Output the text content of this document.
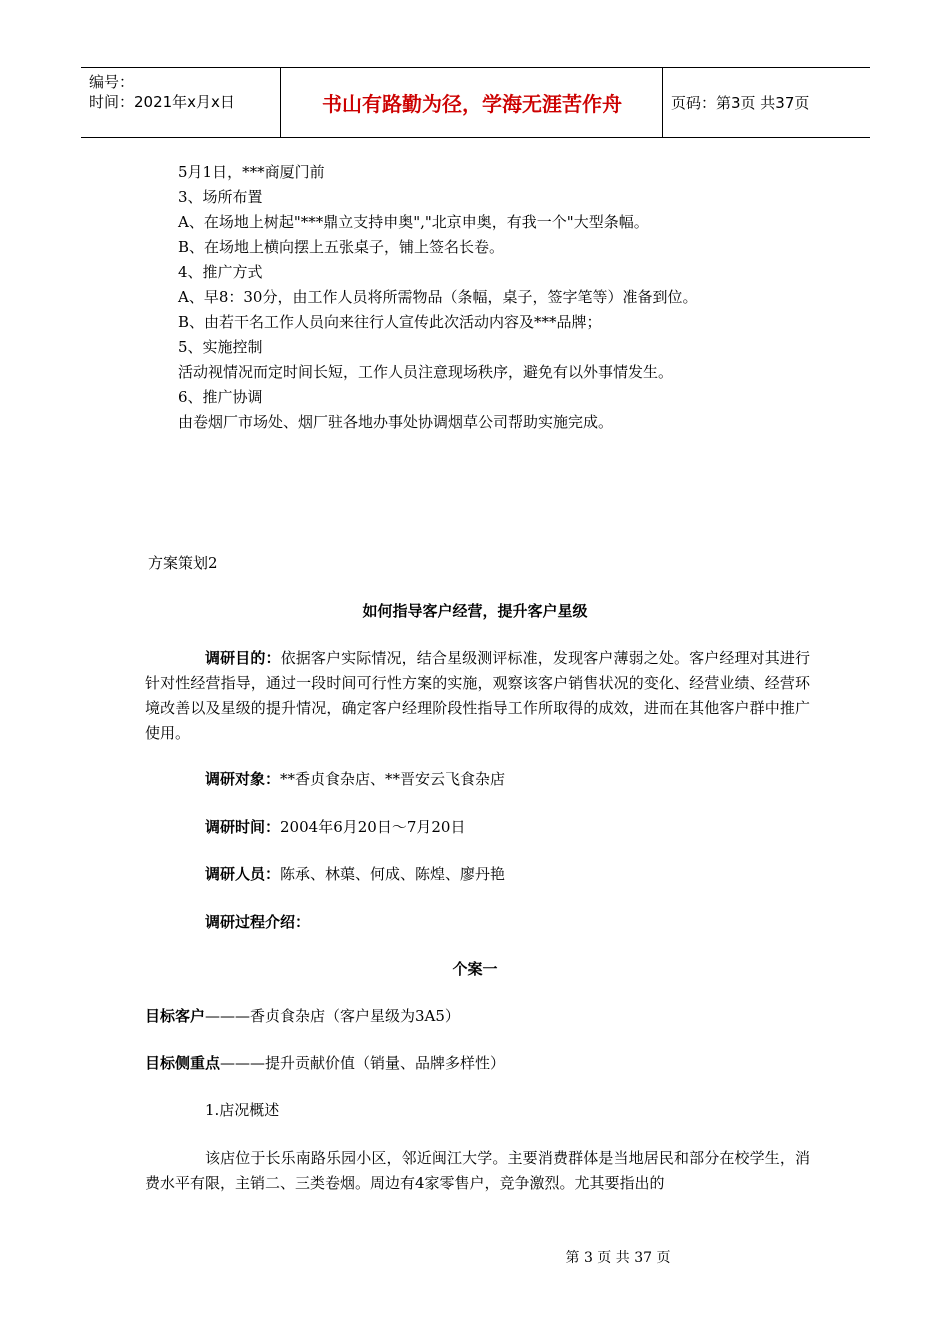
编号：
时间：2021年x月x日	书山有路勤为径，学海无涯苦作舟	页码：第3页 共37页
5月1日，***商厦门前
3、场所布置
A、在场地上树起"***鼎立支持申奥","北京申奥，有我一个"大型条幅。
B、在场地上横向摆上五张桌子，铺上签名长卷。
4、推广方式
A、早8：30分，由工作人员将所需物品（条幅，桌子，签字笔等）准备到位。
B、由若干名工作人员向来往行人宣传此次活动内容及***品牌；
5、实施控制
活动视情况而定时间长短，工作人员注意现场秩序，避免有以外事情发生。
6、推广协调
由卷烟厂市场处、烟厂驻各地办事处协调烟草公司帮助实施完成。
方案策划2
如何指导客户经营，提升客户星级
调研目的：依据客户实际情况，结合星级测评标准，发现客户薄弱之处。客户经理对其进行针对性经营指导，通过一段时间可行性方案的实施，观察该客户销售状况的变化、经营业绩、经营环境改善以及星级的提升情况，确定客户经理阶段性指导工作所取得的成效，进而在其他客户群中推广使用。
调研对象：**香贞食杂店、**晋安云飞食杂店
调研时间：2004年6月20日～7月20日
调研人员：陈承、林蕖、何成、陈煌、廖丹艳
调研过程介绍：
个案一
目标客户———香贞食杂店（客户星级为3A5）
目标侧重点———提升贡献价值（销量、品牌多样性）
1.店况概述
该店位于长乐南路乐园小区，邻近闽江大学。主要消费群体是当地居民和部分在校学生，消费水平有限，主销二、三类卷烟。周边有4家零售户，竞争激烈。尤其要指出的
第 3 页 共 37 页
